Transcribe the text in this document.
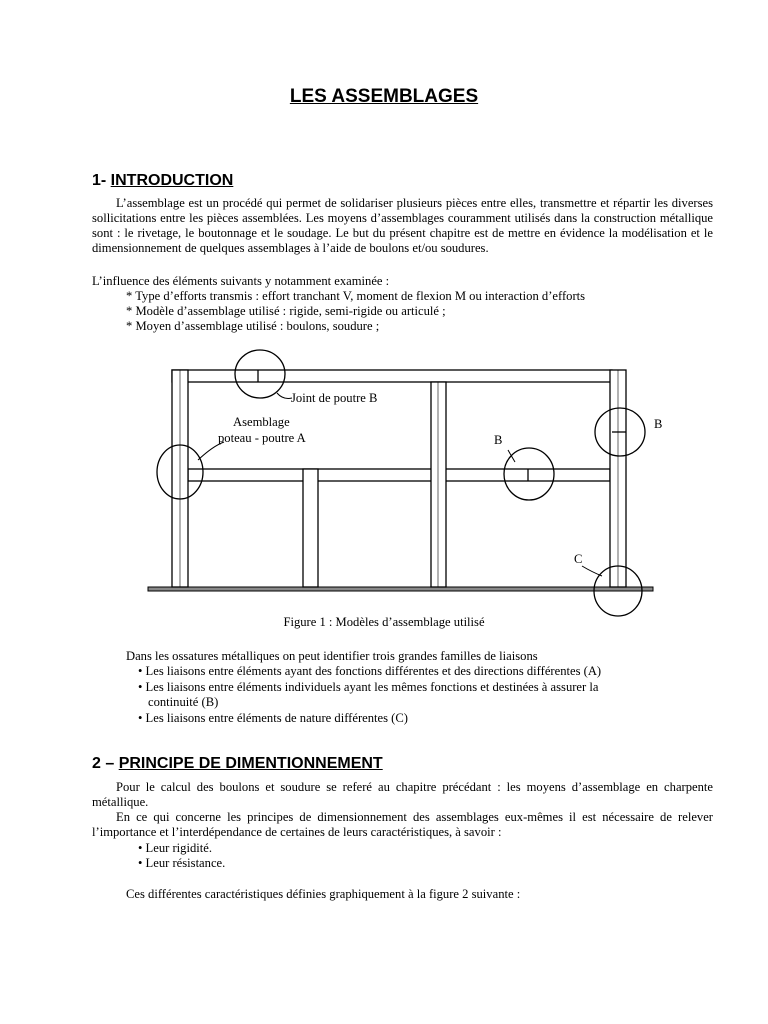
LES ASSEMBLAGES
1- INTRODUCTION
L’assemblage est un procédé qui permet de solidariser plusieurs pièces entre elles, transmettre et répartir les diverses sollicitations entre les pièces assemblées. Les moyens d’assemblages couramment utilisés dans la construction métallique sont : le rivetage, le boutonnage et le soudage. Le but du présent chapitre est de mettre en évidence la modélisation et le dimensionnement de quelques assemblages à l’aide de boulons et/ou soudures.
L’influence des éléments suivants y notamment examinée :
* Type d’efforts transmis : effort tranchant V, moment de flexion M ou interaction d’efforts
* Modèle d’assemblage utilisé : rigide, semi-rigide ou articulé ;
* Moyen d’assemblage utilisé : boulons, soudure ;
Joint de poutre B
Asemblage
poteau - poutre A	B
B
C
Figure 1 : Modèles d’assemblage utilisé
Dans les ossatures métalliques on peut identifier trois grandes familles de liaisons
• Les liaisons entre éléments ayant des fonctions différentes et des directions différentes (A)
• Les liaisons entre éléments individuels ayant les mêmes fonctions et destinées à assurer la
continuité (B)
• Les liaisons entre éléments de nature différentes (C)
2 – PRINCIPE DE DIMENTIONNEMENT
Pour le calcul des boulons et soudure se referé au chapitre précédant : les moyens d’assemblage en charpente métallique.
En ce qui concerne les principes de dimensionnement des assemblages eux-mêmes il est nécessaire de relever l’importance et l’interdépendance de certaines de leurs caractéristiques, à savoir :
• Leur rigidité.
• Leur résistance.
Ces différentes caractéristiques définies graphiquement à la figure 2 suivante :
